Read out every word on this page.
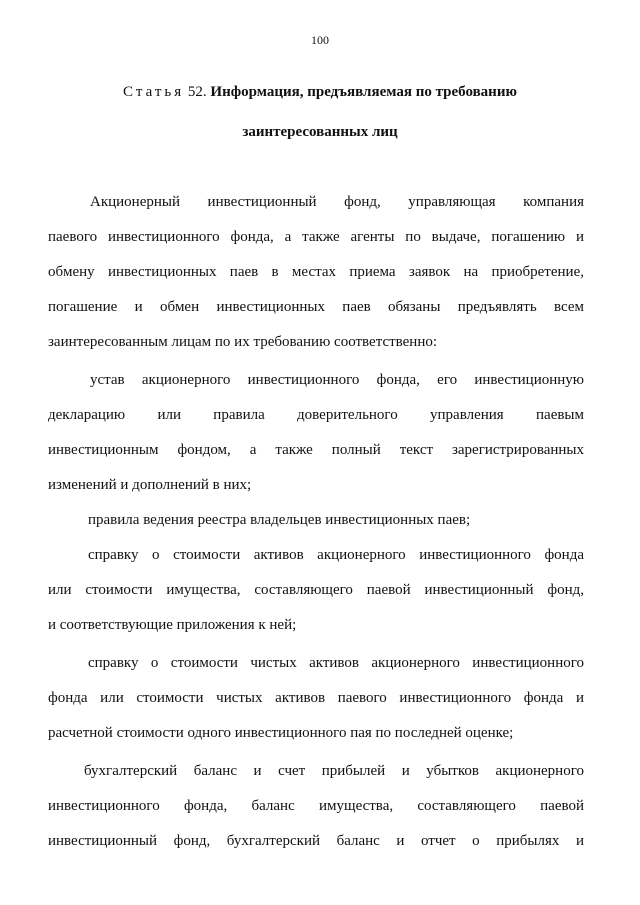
100
Статья 52. Информация, предъявляемая по требованию
заинтересованных лиц
Акционерный инвестиционный фонд, управляющая компания
паевого инвестиционного фонда, а также агенты по выдаче, погашению и
обмену инвестиционных паев в местах приема заявок на приобретение,
погашение и обмен инвестиционных паев обязаны предъявлять всем
заинтересованным лицам по их требованию соответственно:
устав акционерного инвестиционного фонда, его инвестиционную
декларацию или правила доверительного управления паевым
инвестиционным фондом, а также полный текст зарегистрированных
изменений и дополнений в них;
правила ведения реестра владельцев инвестиционных паев;
справку о стоимости активов акционерного инвестиционного фонда
или стоимости имущества, составляющего паевой инвестиционный фонд,
и соответствующие приложения к ней;
справку о стоимости чистых активов акционерного инвестиционного
фонда или стоимости чистых активов паевого инвестиционного фонда и
расчетной стоимости одного инвестиционного пая по последней оценке;
бухгалтерский баланс и счет прибылей и убытков акционерного
инвестиционного фонда, баланс имущества, составляющего паевой
инвестиционный фонд, бухгалтерский баланс и отчет о прибылях и
